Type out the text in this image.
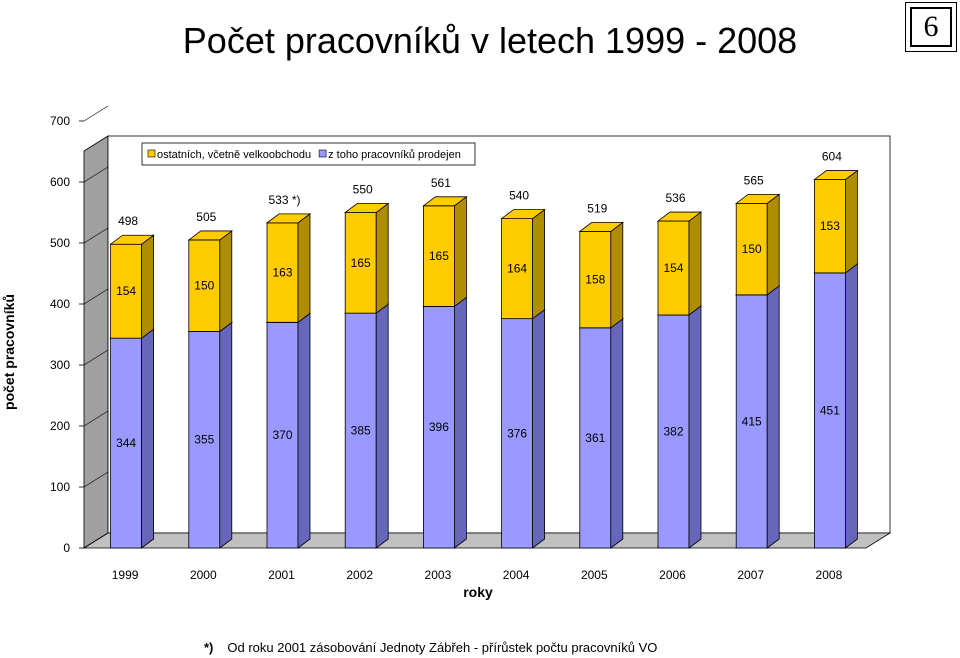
Počet pracovníků v letech 1999 - 2008	6
0
100
200
300
400
500
600
700
počet pracovníků
roky
344
154
498
1999
355
150
505
2000
370
163
533 *)
2001
385
165
550
2002
396
165
561
2003
376
164
540
2004
361
158
519
2005
382
154
536
2006
415
150
565
2007
451
153
604
2008
ostatních, včetně velkoobchodu z toho pracovníků prodejen
*) Od roku 2001 zásobování Jednoty Zábřeh - přírůstek počtu pracovníků VO
